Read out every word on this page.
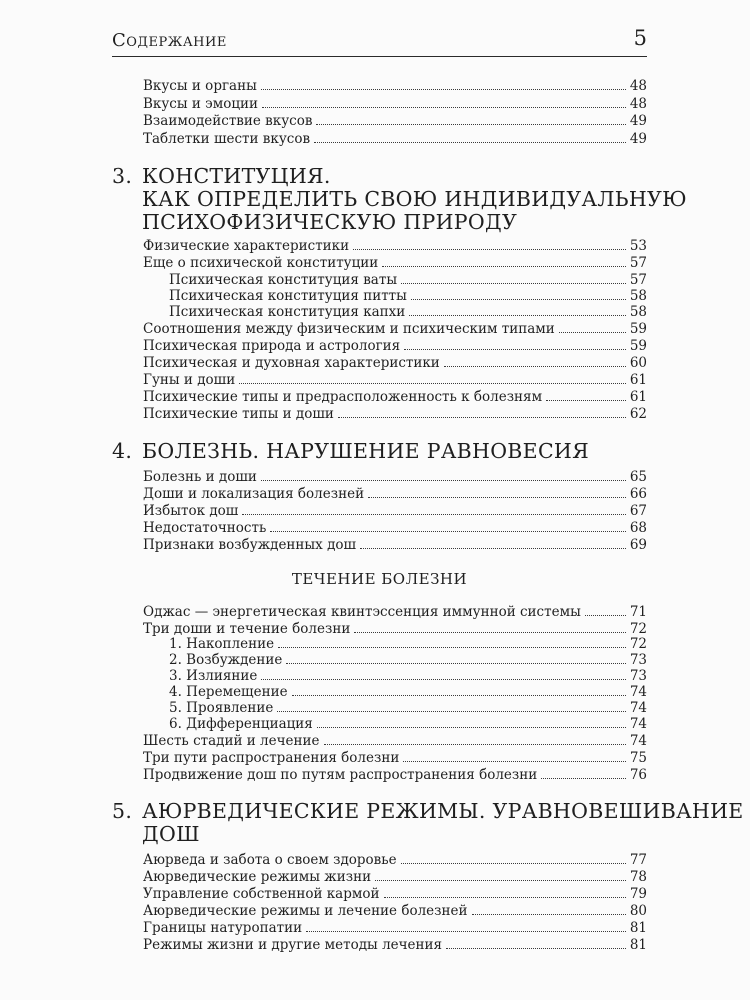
Содержание	5
Вкусы и органы	48
Вкусы и эмоции	48
Взаимодействие вкусов	49
Таблетки шести вкусов	49
3. КОНСТИТУЦИЯ.
КАК ОПРЕДЕЛИТЬ СВОЮ ИНДИВИДУАЛЬНУЮ
ПСИХОФИЗИЧЕСКУЮ ПРИРОДУ
Физические характеристики	53
Еще о психической конституции	57
Психическая конституция ваты	57
Психическая конституция питты	58
Психическая конституция капхи	58
Соотношения между физическим и психическим типами	59
Психическая природа и астрология	59
Психическая и духовная характеристики	60
Гуны и доши	61
Психические типы и предрасположенность к болезням	61
Психические типы и доши	62
4. БОЛЕЗНЬ. НАРУШЕНИЕ РАВНОВЕСИЯ
Болезнь и доши	65
Доши и локализация болезней	66
Избыток дош	67
Недостаточность	68
Признаки возбужденных дош	69
ТЕЧЕНИЕ БОЛЕЗНИ
Оджас — энергетическая квинтэссенция иммунной системы	71
Три доши и течение болезни	72
1. Накопление	72
2. Возбуждение	73
3. Излияние	73
4. Перемещение	74
5. Проявление	74
6. Дифференциация	74
Шесть стадий и лечение	74
Три пути распространения болезни	75
Продвижение дош по путям распространения болезни	76
5. АЮРВЕДИЧЕСКИЕ РЕЖИМЫ. УРАВНОВЕШИВАНИЕ
ДОШ
Аюрведа и забота о своем здоровье	77
Аюрведические режимы жизни	78
Управление собственной кармой	79
Аюрведические режимы и лечение болезней	80
Границы натуропатии	81
Режимы жизни и другие методы лечения	81
